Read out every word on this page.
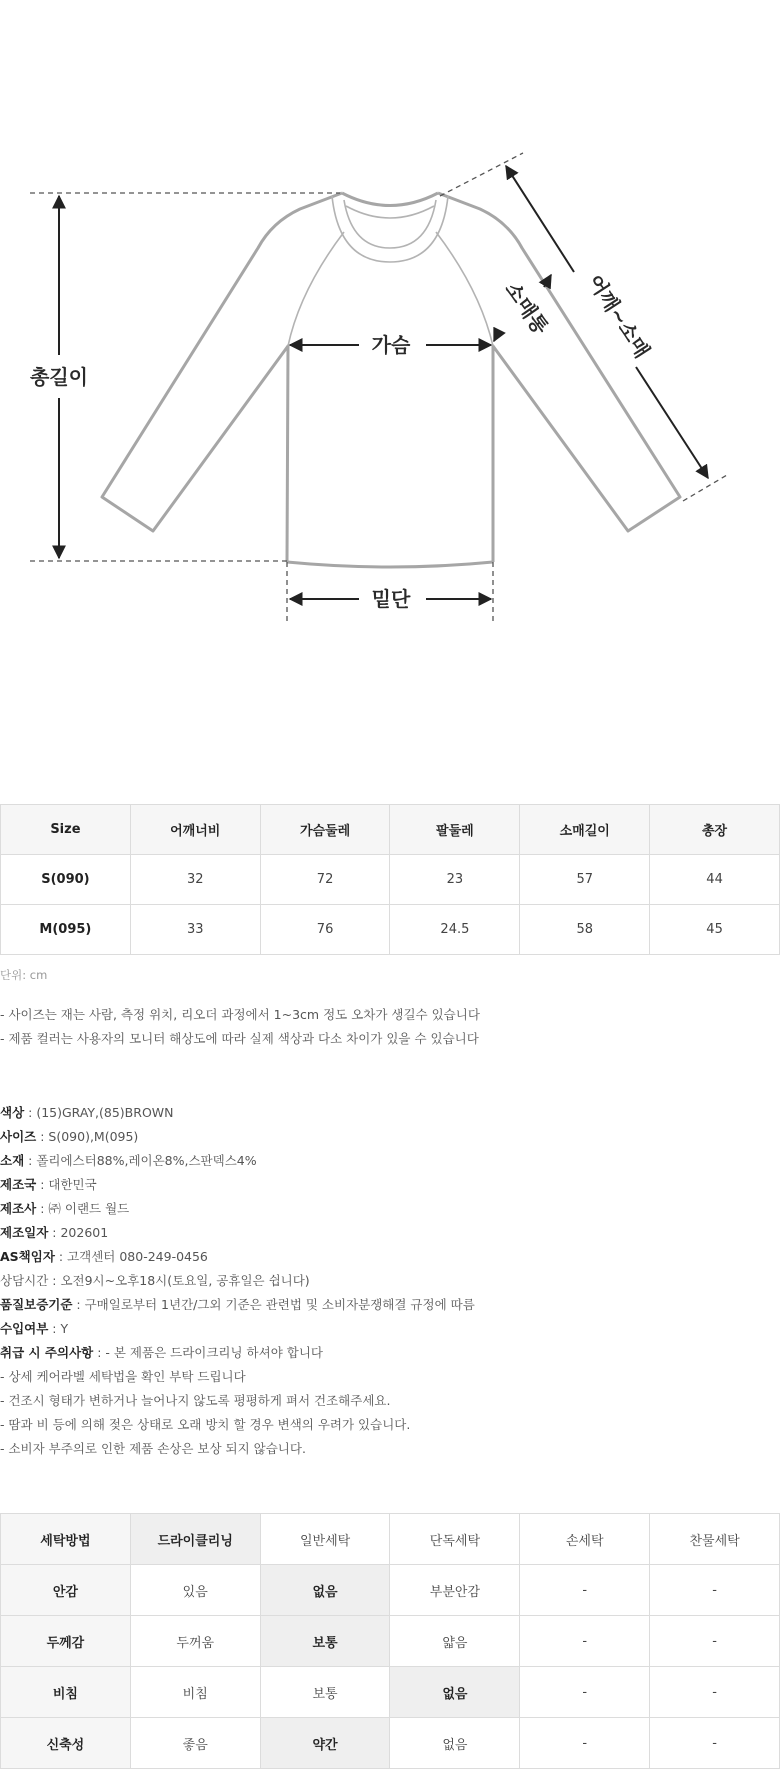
총길이
가슴
밑단
소매통 어깨~소매
Size	어깨너비	가슴둘레	팔둘레	소매길이	총장
S(090)	32	72	23	57	44
M(095)	33	76	24.5	58	45
단위: cm
- 사이즈는 재는 사람, 측정 위치, 리오더 과정에서 1~3cm 정도 오차가 생길수 있습니다
- 제품 컬러는 사용자의 모니터 해상도에 따라 실제 색상과 다소 차이가 있을 수 있습니다
색상 : (15)GRAY,(85)BROWN
사이즈 : S(090),M(095)
소재 : 폴리에스터88%,레이온8%,스판덱스4%
제조국 : 대한민국
제조사 : ㈜ 이랜드 월드
제조일자 : 202601
AS책임자 : 고객센터 080-249-0456
상담시간 : 오전9시~오후18시(토요일, 공휴일은 쉽니다)
품질보증기준 : 구매일로부터 1년간/그외 기준은 관련법 및 소비자분쟁해결 규정에 따름
수입여부 : Y
취급 시 주의사항 : - 본 제품은 드라이크리닝 하셔야 합니다
- 상세 케어라벨 세탁법을 확인 부탁 드립니다
- 건조시 형태가 변하거나 늘어나지 않도록 평평하게 펴서 건조해주세요.
- 땀과 비 등에 의해 젖은 상태로 오래 방치 할 경우 변색의 우려가 있습니다.
- 소비자 부주의로 인한 제품 손상은 보상 되지 않습니다.
세탁방법	드라이클리닝	일반세탁	단독세탁	손세탁	찬물세탁
안감	있음	없음	부분안감	-	-
두께감	두꺼움	보통	얇음	-	-
비침	비침	보통	없음	-	-
신축성	좋음	약간	없음	-	-
